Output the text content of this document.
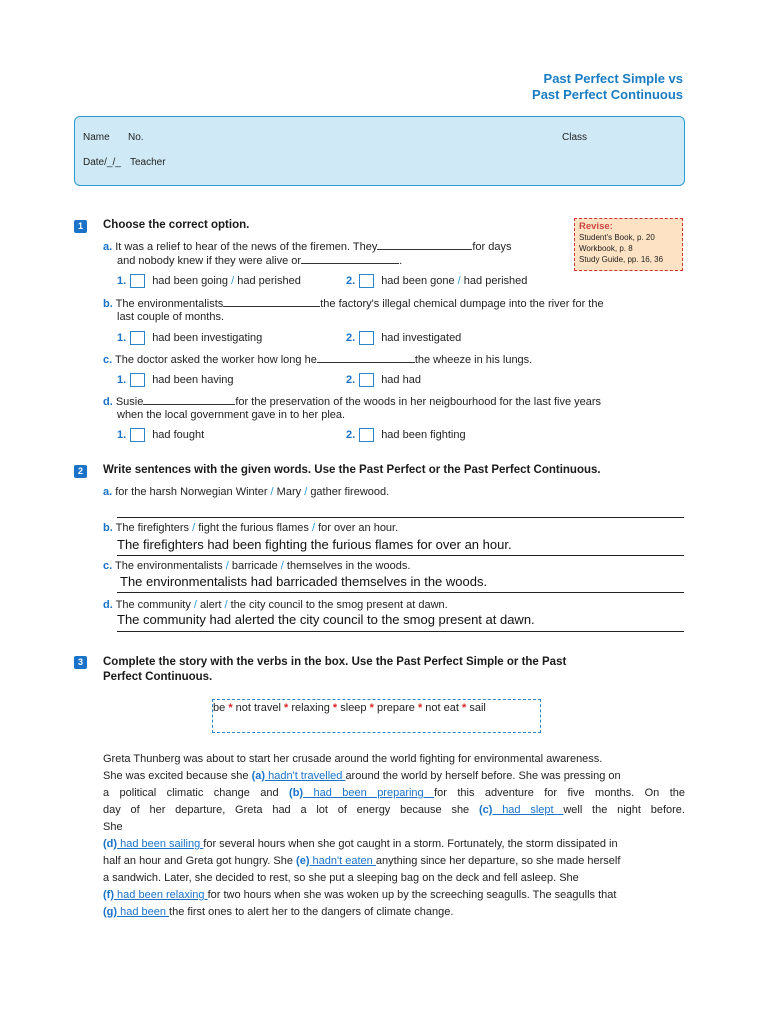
Past Perfect Simple vs
Past Perfect Continuous
Name No.	Class
Date/_/_ Teacher
Revise:
Student's Book, p. 20
Workbook, p. 8
Study Guide, pp. 16, 36
1	Choose the correct option.
a. It was a relief to hear of the news of the firemen. They	for days
and nobody knew if they were alive or	.
1. had been going
/
had perished	2. had been gone
/
had perished
b. The environmentalists	the factory's illegal chemical dumpage into the river for the
last couple of months.
1. had been investigating	2. had investigated
c. The doctor asked the worker how long he	the wheeze in his lungs.
1. had been having	2. had had
d. Susie	for the preservation of the woods in her neigbourhood for the last five years
when the local government gave in to her plea.
1. had fought	2. had been fighting
2	Write sentences with the given words. Use the Past Perfect or the Past Perfect Continuous.
a. for the harsh Norwegian Winter / Mary / gather firewood.
b. The firefighters / fight the furious flames / for over an hour.
The firefighters had been fighting the furious flames for over an hour.
c. The environmentalists / barricade / themselves in the woods.
The environmentalists had barricaded themselves in the woods.
d. The community / alert / the city council to the smog present at dawn.
The community had alerted the city council to the smog present at dawn.
3	Complete the story with the verbs in the box. Use the Past Perfect Simple or the Past
Perfect Continuous.
be * not travel * relaxing * sleep * prepare * not eat * sail
Greta Thunberg was about to start her crusade around the world fighting for environmental awareness.
She was excited because she (a) hadn't travelled around the world by herself before. She was pressing on
a political climatic change and (b) had been preparing for this adventure for five months. On the
day of her departure, Greta had a lot of energy because she (c) had slept well the night before.
She
(d) had been sailing for several hours when she got caught in a storm. Fortunately, the storm dissipated in
half an hour and Greta got hungry. She (e) hadn't eaten anything since her departure, so she made herself
a sandwich. Later, she decided to rest, so she put a sleeping bag on the deck and fell asleep. She
(f) had been relaxing for two hours when she was woken up by the screeching seagulls. The seagulls that
(g) had been the first ones to alert her to the dangers of climate change.
